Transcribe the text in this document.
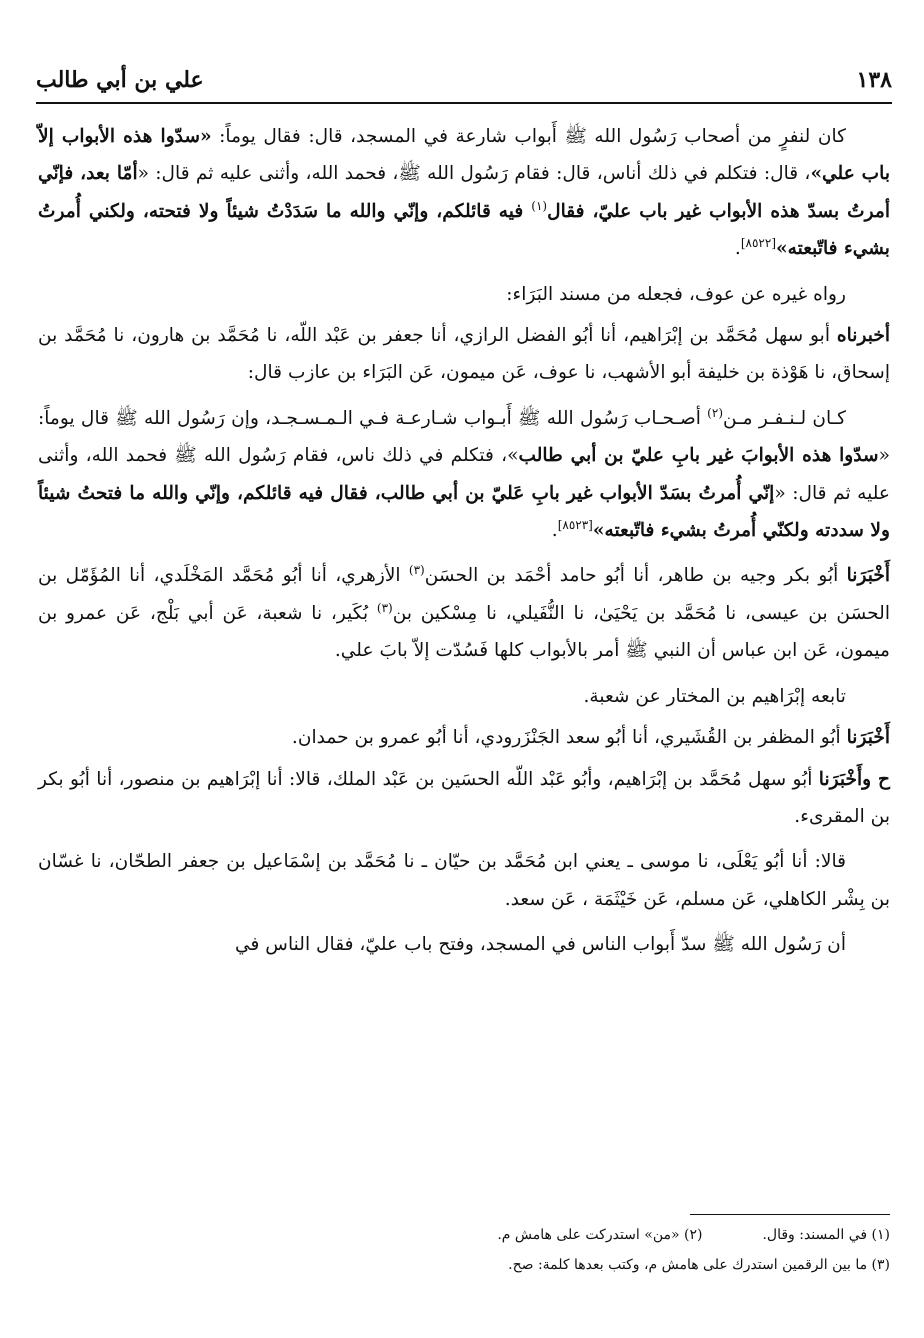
١٣٨
علي بن أبي طالب

كان لنفرٍ من أصحاب رَسُول الله ﷺ أَبواب شارعة في المسجد، قال: فقال يوماً: «سدّوا هذه الأبواب إلاّ باب علي»، قال: فتكلم في ذلك أناس، قال: فقام رَسُول الله ﷺ، فحمد الله، وأثنى عليه ثم قال: «أمّا بعد، فإنّي أمرتُ بسدّ هذه الأبواب غير باب عليّ، فقال$^{(١)}$ فيه قائلكم، وإنّي والله ما سَدَدْتُ شيئاً ولا فتحته، ولكني أُمرتُ بشيء فاتّبعته»[٨٥٢٢].

رواه غيره عن عوف، فجعله من مسند البَرَاء:

أخبرناه أبو سهل مُحَمَّد بن إبْرَاهيم، أنا أبُو الفضل الرازي، أنا جعفر بن عَبْد اللّه، نا مُحَمَّد بن هارون، نا مُحَمَّد بن إسحاق، نا هَوْذة بن خليفة أبو الأشهب، نا عوف، عَن ميمون، عَن البَرَاء بن عازب قال:

كـان لـنـفـر مـن$^{(٢)}$ أصـحـاب رَسُول الله ﷺ أَبـواب شـارعـة فـي الـمـسـجـد، وإن رَسُول الله ﷺ قال يوماً: «سدّوا هذه الأبوابَ غير بابِ عليّ بن أبي طالب»، فتكلم في ذلك ناس، فقام رَسُول الله ﷺ فحمد الله، وأثنى عليه ثم قال: «إنّي أُمرتُ بسَدّ الأبواب غير بابِ عَليّ بن أبي طالب، فقال فيه قائلكم، وإنّي والله ما فتحتُ شيئاً ولا سددته ولكنّي أُمرتُ بشيء فاتّبعته»[٨٥٢٣].

أَخْبَرَنا أبُو بكر وجيه بن طاهر، أنا أبُو حامد أحْمَد بن الحسَن$^{(٣)}$ الأزهري، أنا أبُو مُحَمَّد المَخْلَدي، أنا المُؤَمّل بن الحسَن بن عيسى، نا مُحَمَّد بن يَحْيَىٰ، نا النُّفَيلي، نا مِسْكين بن$^{(٣)}$ بُكَير، نا شعبة، عَن أبي بَلْج، عَن عمرو بن ميمون، عَن ابن عباس أن النبي ﷺ أمر بالأبواب كلها فَسُدّت إلاّ بابَ علي.

تابعه إبْرَاهيم بن المختار عن شعبة.

أَخْبَرَنا أبُو المظفر بن القُشَيري، أنا أبُو سعد الجَنْزَرودي، أنا أبُو عمرو بن حمدان.

ح وأَخْبَرَنا أبُو سهل مُحَمَّد بن إبْرَاهيم، وأبُو عَبْد اللّه الحسَين بن عَبْد الملك، قالا: أنا إبْرَاهيم بن منصور، أنا أبُو بكر بن المقرىء.

قالا: أنا أبُو يَعْلَى، نا موسى ـ يعني ابن مُحَمَّد بن حيّان ـ نا مُحَمَّد بن إسْمَاعيل بن جعفر الطحّان، نا غسّان بن بِشْر الكاهلي، عَن مسلم، عَن خَيْثَمَة ، عَن سعد.

أن رَسُول الله ﷺ سدّ أَبواب الناس في المسجد، وفتح باب عليّ، فقال الناس في

(١) في المسند: وقال.
(٢) «من» استدركت على هامش م.
(٣) ما بين الرقمين استدرك على هامش م، وكتب بعدها كلمة: صح.
